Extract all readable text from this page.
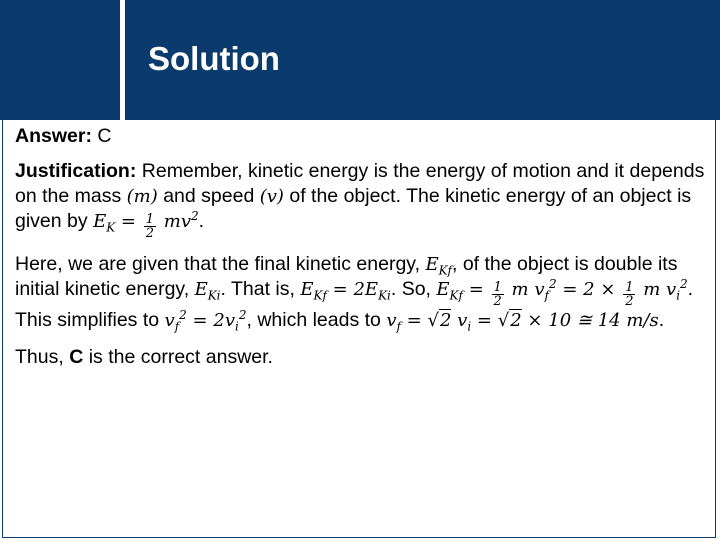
Solution

Answer: C

Justification: Remember, kinetic energy is the energy of motion and it depends on the mass (m) and speed (v) of the object. The kinetic energy of an object is given by $E_K = \frac{1}{2} mv^2$.

Here, we are given that the final kinetic energy, $E_{Kf}$, of the object is double its initial kinetic energy, $E_{Ki}$. That is, $E_{Kf} = 2E_{Ki}$. So, $E_{Kf} = \frac{1}{2}$ m $v_f^2 = 2 \times \frac{1}{2}$ m $v_i^2$. This simplifies to $v_f^2 = 2v_i^2$, which leads to $v_f = √2$ $v_i = √2 \times 10$ ≅ 14 m/s.

Thus, C is the correct answer.
